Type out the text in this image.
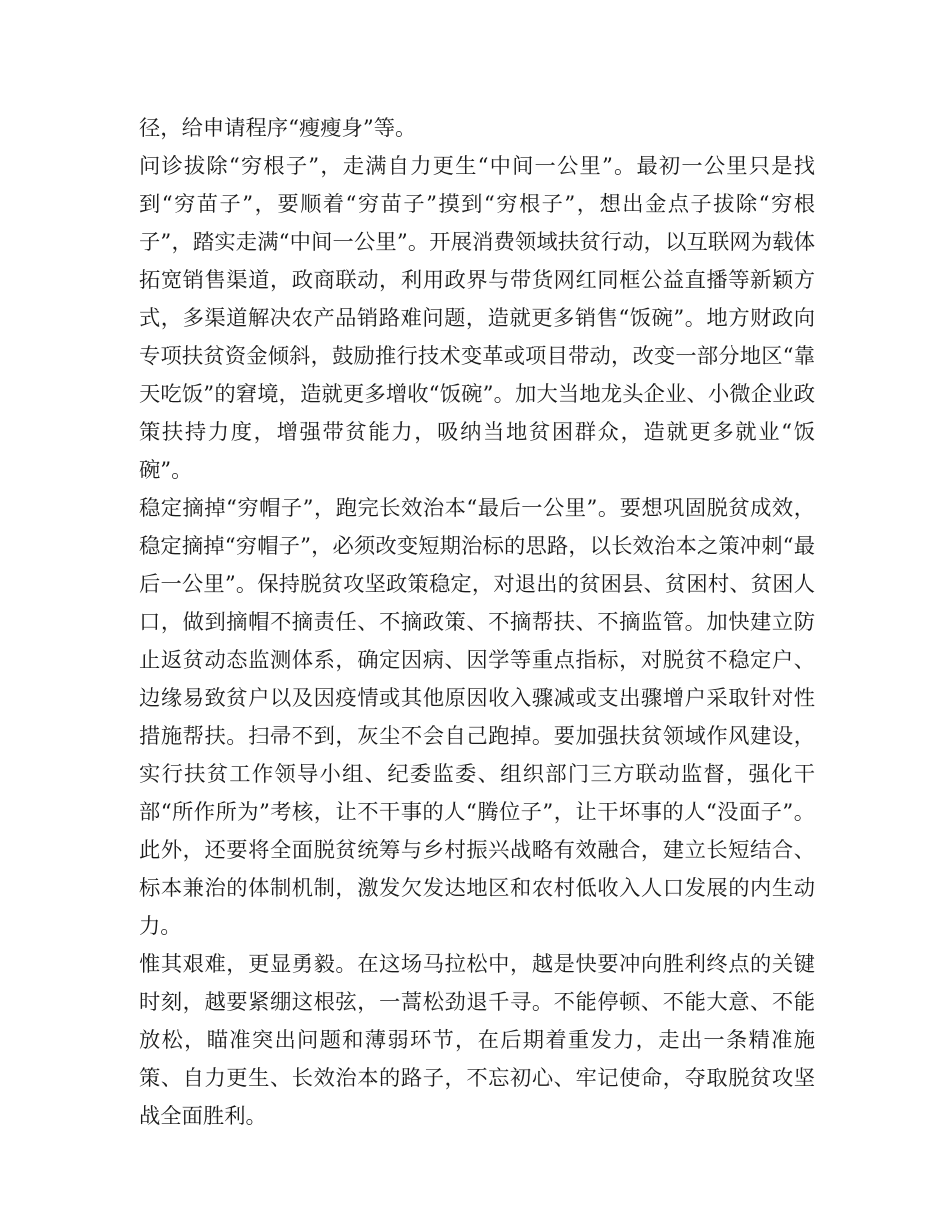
径，给申请程序“瘦瘦身”等。

问诊拔除“穷根子”，走满自力更生“中间一公里”。最初一公里只是找到“穷苗子”，要顺着“穷苗子”摸到“穷根子”，想出金点子拔除“穷根子”，踏实走满“中间一公里”。开展消费领域扶贫行动，以互联网为载体拓宽销售渠道，政商联动，利用政界与带货网红同框公益直播等新颖方式，多渠道解决农产品销路难问题，造就更多销售“饭碗”。地方财政向专项扶贫资金倾斜，鼓励推行技术变革或项目带动，改变一部分地区“靠天吃饭”的窘境，造就更多增收“饭碗”。加大当地龙头企业、小微企业政策扶持力度，增强带贫能力，吸纳当地贫困群众，造就更多就业“饭碗”。

稳定摘掉“穷帽子”，跑完长效治本“最后一公里”。要想巩固脱贫成效，稳定摘掉“穷帽子”，必须改变短期治标的思路，以长效治本之策冲刺“最后一公里”。保持脱贫攻坚政策稳定，对退出的贫困县、贫困村、贫困人口，做到摘帽不摘责任、不摘政策、不摘帮扶、不摘监管。加快建立防止返贫动态监测体系，确定因病、因学等重点指标，对脱贫不稳定户、边缘易致贫户以及因疫情或其他原因收入骤减或支出骤增户采取针对性措施帮扶。扫帚不到，灰尘不会自己跑掉。要加强扶贫领域作风建设，实行扶贫工作领导小组、纪委监委、组织部门三方联动监督，强化干部“所作所为”考核，让不干事的人“腾位子”，让干坏事的人“没面子”。此外，还要将全面脱贫统筹与乡村振兴战略有效融合，建立长短结合、标本兼治的体制机制，激发欠发达地区和农村低收入人口发展的内生动力。

惟其艰难，更显勇毅。在这场马拉松中，越是快要冲向胜利终点的关键时刻，越要紧绷这根弦，一蒿松劲退千寻。不能停顿、不能大意、不能放松，瞄准突出问题和薄弱环节，在后期着重发力，走出一条精准施策、自力更生、长效治本的路子，不忘初心、牢记使命，夺取脱贫攻坚战全面胜利。
